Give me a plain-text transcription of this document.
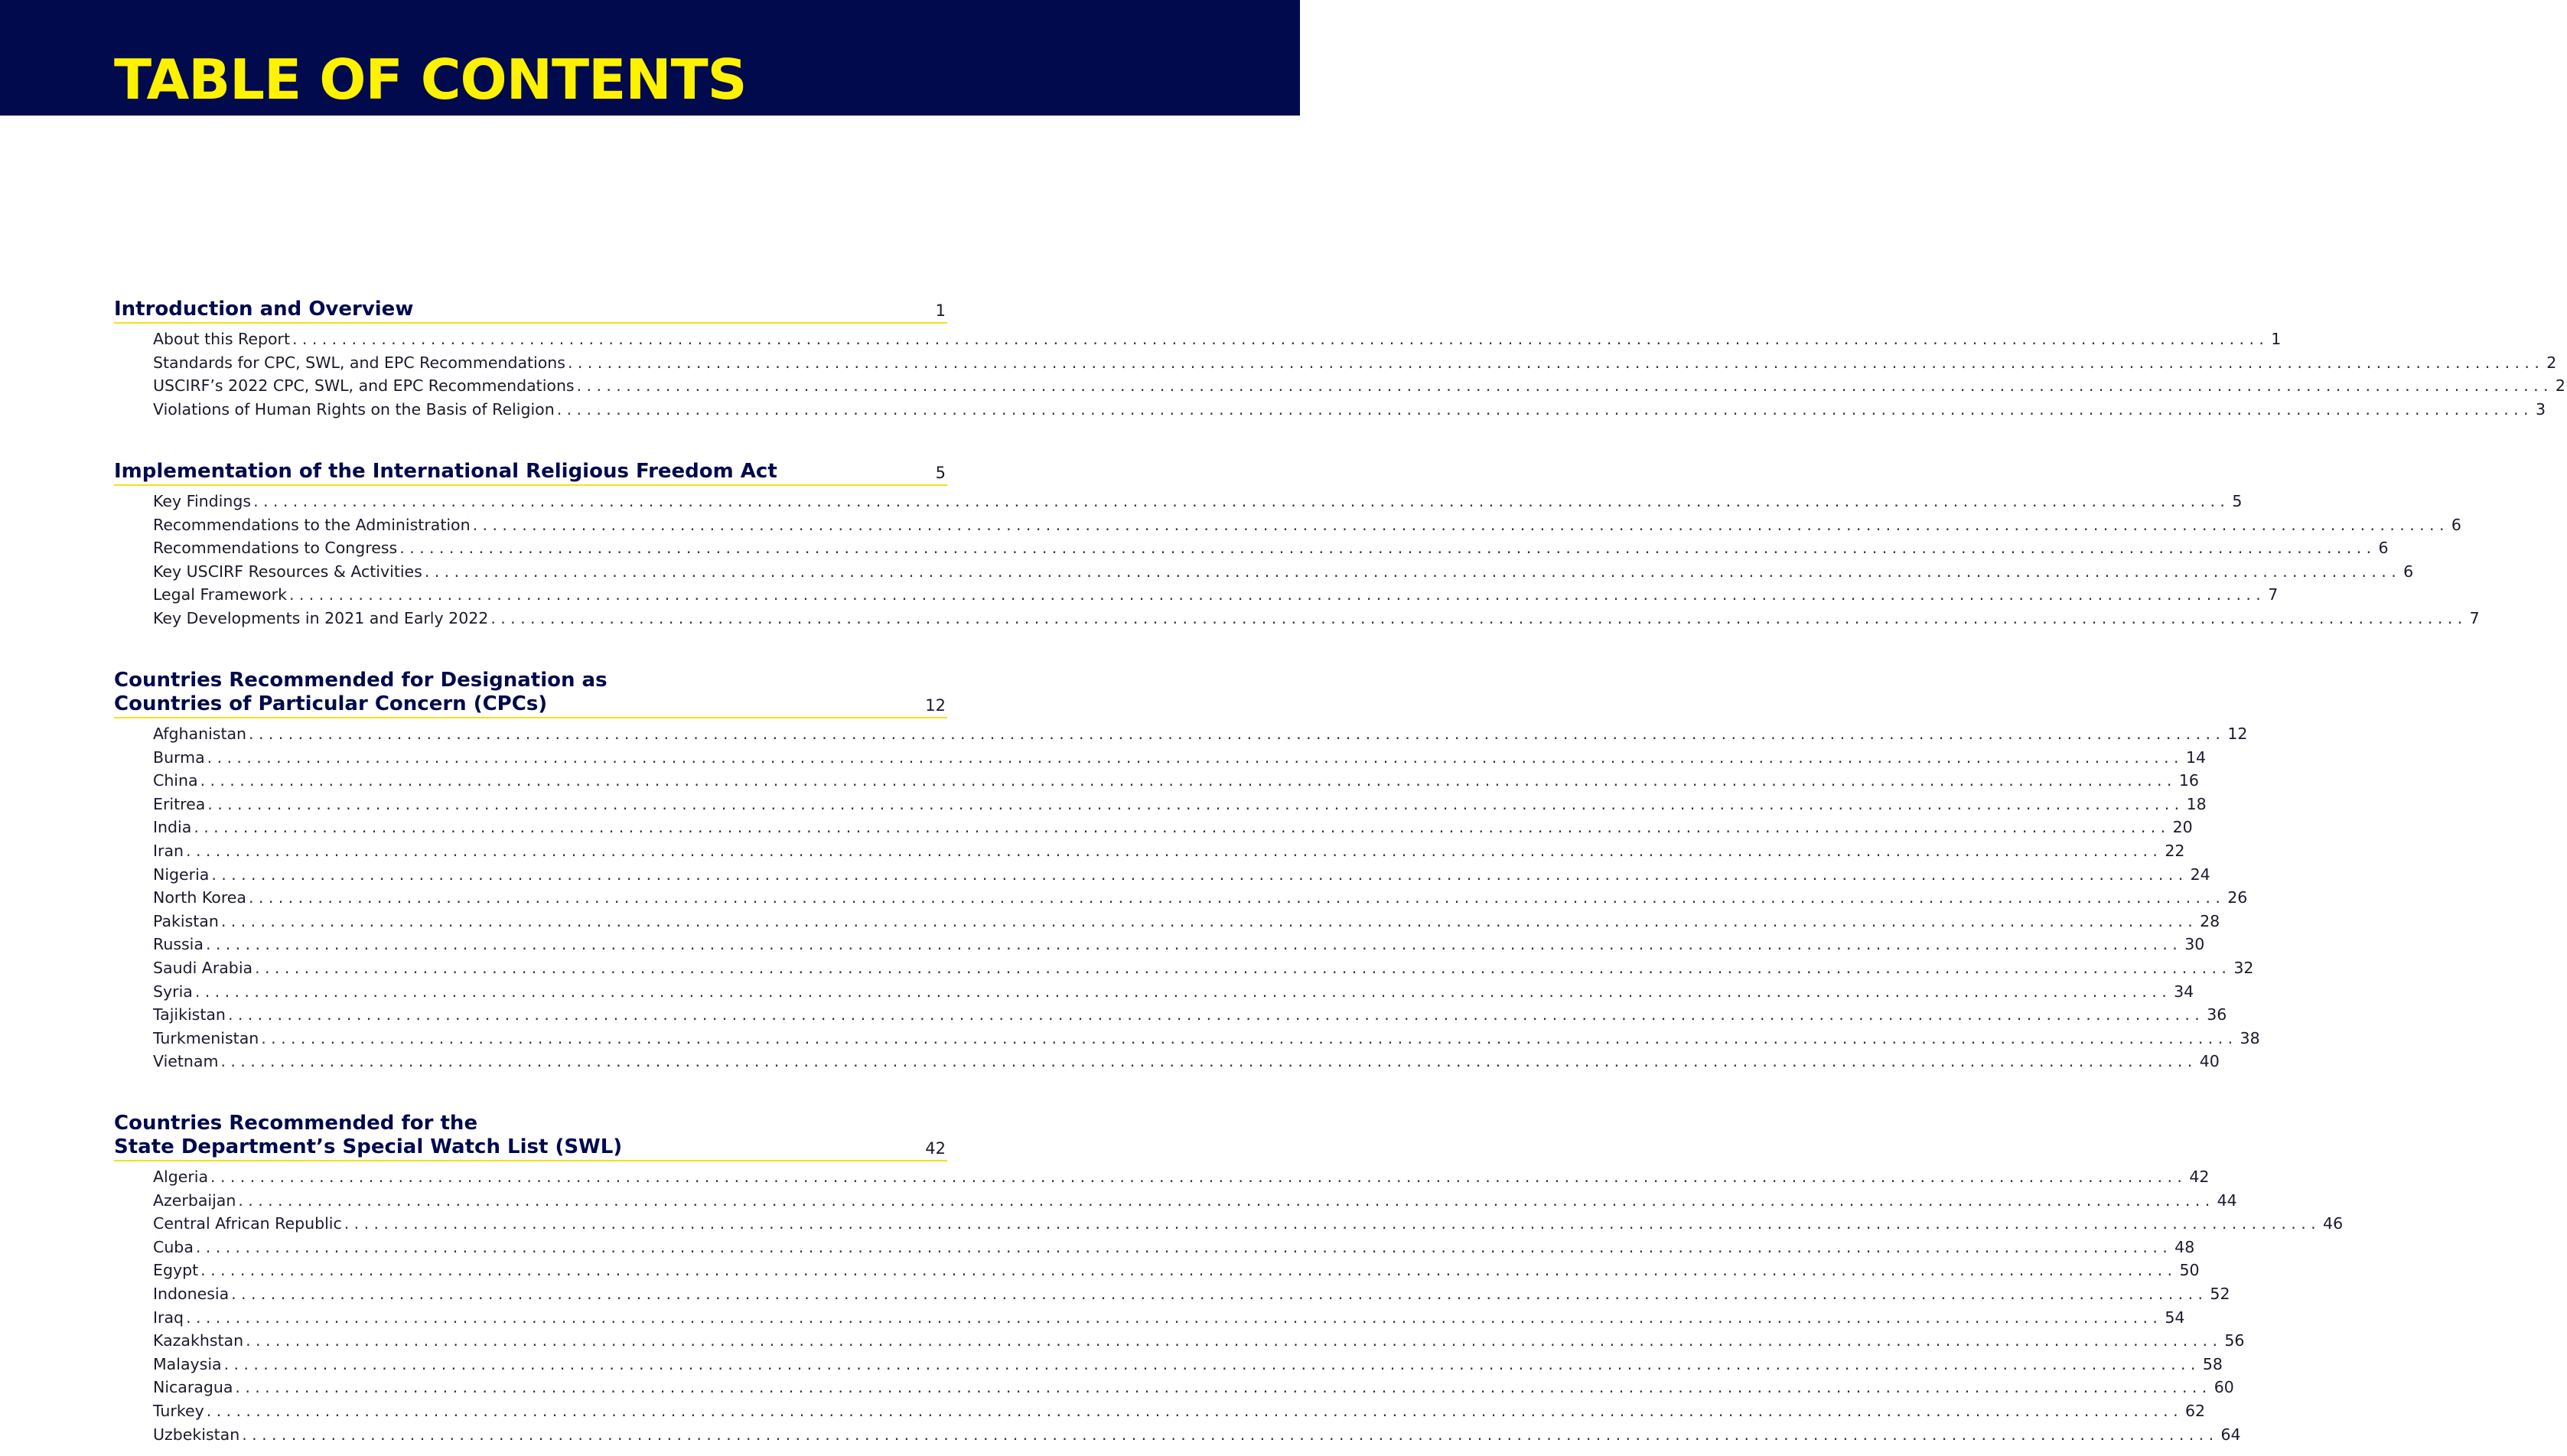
TABLE OF CONTENTS
Introduction and Overview	1
About this Report ........................................................................................................................................................................................................ 1
Standards for CPC, SWL, and EPC Recommendations ........................................................................................................................................................................................................ 2
USCIRF’s 2022 CPC, SWL, and EPC Recommendations ........................................................................................................................................................................................................ 2
Violations of Human Rights on the Basis of Religion ........................................................................................................................................................................................................ 3
Implementation of the International Religious Freedom Act	5
Key Findings ........................................................................................................................................................................................................ 5
Recommendations to the Administration ........................................................................................................................................................................................................ 6
Recommendations to Congress ........................................................................................................................................................................................................ 6
Key USCIRF Resources & Activities ........................................................................................................................................................................................................ 6
Legal Framework ........................................................................................................................................................................................................ 7
Key Developments in 2021 and Early 2022 ........................................................................................................................................................................................................ 7
Countries Recommended for Designation as
Countries of Particular Concern (CPCs)	12
Afghanistan ........................................................................................................................................................................................................ 12
Burma ........................................................................................................................................................................................................ 14
China ........................................................................................................................................................................................................ 16
Eritrea ........................................................................................................................................................................................................ 18
India ........................................................................................................................................................................................................ 20
Iran ........................................................................................................................................................................................................ 22
Nigeria ........................................................................................................................................................................................................ 24
North Korea ........................................................................................................................................................................................................ 26
Pakistan ........................................................................................................................................................................................................ 28
Russia ........................................................................................................................................................................................................ 30
Saudi Arabia ........................................................................................................................................................................................................ 32
Syria ........................................................................................................................................................................................................ 34
Tajikistan ........................................................................................................................................................................................................ 36
Turkmenistan ........................................................................................................................................................................................................ 38
Vietnam ........................................................................................................................................................................................................ 40
Countries Recommended for the
State Department’s Special Watch List (SWL)	42
Algeria ........................................................................................................................................................................................................ 42
Azerbaijan ........................................................................................................................................................................................................ 44
Central African Republic ........................................................................................................................................................................................................ 46
Cuba ........................................................................................................................................................................................................ 48
Egypt ........................................................................................................................................................................................................ 50
Indonesia ........................................................................................................................................................................................................ 52
Iraq ........................................................................................................................................................................................................ 54
Kazakhstan ........................................................................................................................................................................................................ 56
Malaysia ........................................................................................................................................................................................................ 58
Nicaragua ........................................................................................................................................................................................................ 60
Turkey ........................................................................................................................................................................................................ 62
Uzbekistan ........................................................................................................................................................................................................ 64
